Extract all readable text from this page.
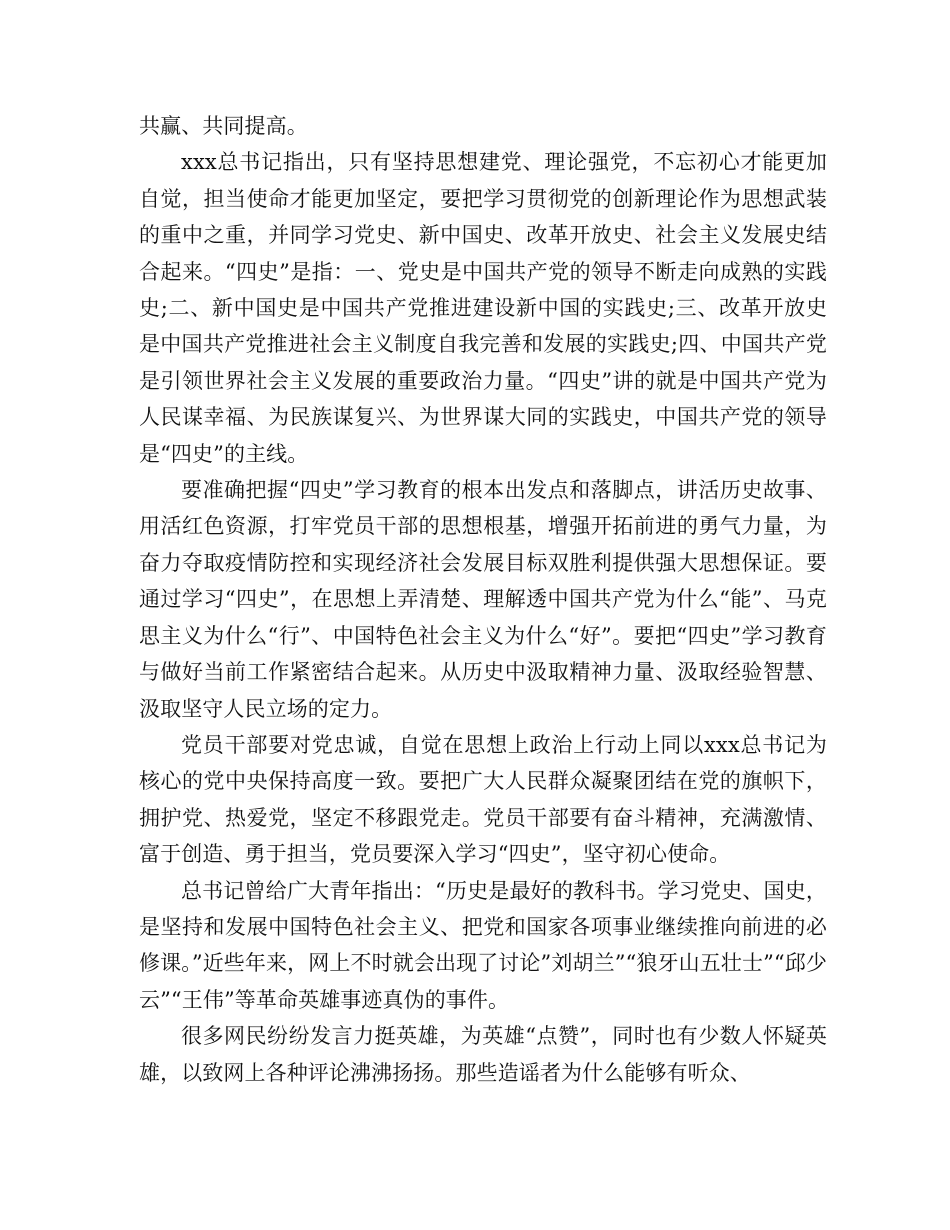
共赢、共同提高。

xxx总书记指出，只有坚持思想建党、理论强党，不忘初心才能更加自觉，担当使命才能更加坚定，要把学习贯彻党的创新理论作为思想武装的重中之重，并同学习党史、新中国史、改革开放史、社会主义发展史结合起来。“四史”是指：一、党史是中国共产党的领导不断走向成熟的实践史;二、新中国史是中国共产党推进建设新中国的实践史;三、改革开放史是中国共产党推进社会主义制度自我完善和发展的实践史;四、中国共产党是引领世界社会主义发展的重要政治力量。“四史”讲的就是中国共产党为人民谋幸福、为民族谋复兴、为世界谋大同的实践史，中国共产党的领导是“四史”的主线。

要准确把握“四史”学习教育的根本出发点和落脚点，讲活历史故事、用活红色资源，打牢党员干部的思想根基，增强开拓前进的勇气力量，为奋力夺取疫情防控和实现经济社会发展目标双胜利提供强大思想保证。要通过学习“四史”，在思想上弄清楚、理解透中国共产党为什么“能”、马克思主义为什么“行”、中国特色社会主义为什么“好”。要把“四史”学习教育与做好当前工作紧密结合起来。从历史中汲取精神力量、汲取经验智慧、汲取坚守人民立场的定力。

党员干部要对党忠诚，自觉在思想上政治上行动上同以xxx总书记为核心的党中央保持高度一致。要把广大人民群众凝聚团结在党的旗帜下，拥护党、热爱党，坚定不移跟党走。党员干部要有奋斗精神，充满激情、富于创造、勇于担当，党员要深入学习“四史”，坚守初心使命。

总书记曾给广大青年指出：“历史是最好的教科书。学习党史、国史，是坚持和发展中国特色社会主义、把党和国家各项事业继续推向前进的必修课。”近些年来，网上不时就会出现了讨论”刘胡兰”“狼牙山五壮士”“邱少云”“王伟”等革命英雄事迹真伪的事件。

很多网民纷纷发言力挺英雄，为英雄“点赞”，同时也有少数人怀疑英雄，以致网上各种评论沸沸扬扬。那些造谣者为什么能够有听众、
